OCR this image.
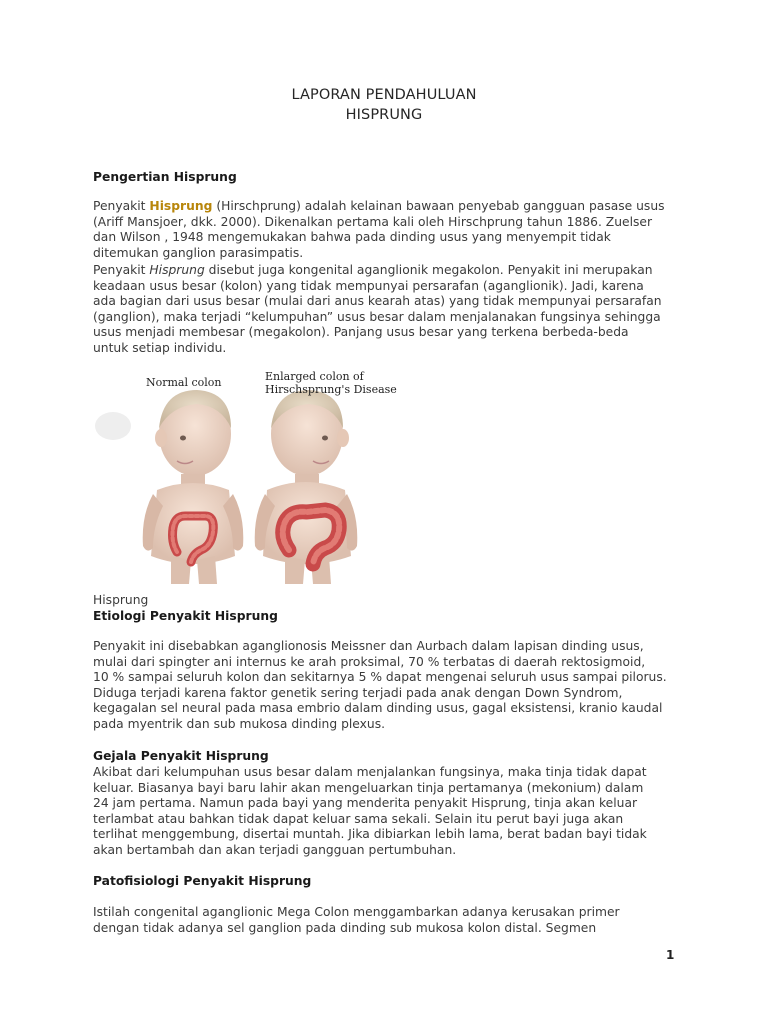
LAPORAN PENDAHULUAN
HISPRUNG
Pengertian Hisprung
Penyakit Hisprung (Hirschprung) adalah kelainan bawaan penyebab gangguan pasase usus
(Ariff Mansjoer, dkk. 2000). Dikenalkan pertama kali oleh Hirschprung tahun 1886. Zuelser
dan Wilson , 1948 mengemukakan bahwa pada dinding usus yang menyempit tidak
ditemukan ganglion parasimpatis.
Penyakit Hisprung disebut juga kongenital aganglionik megakolon. Penyakit ini merupakan
keadaan usus besar (kolon) yang tidak mempunyai persarafan (aganglionik). Jadi, karena
ada bagian dari usus besar (mulai dari anus kearah atas) yang tidak mempunyai persarafan
(ganglion), maka terjadi “kelumpuhan” usus besar dalam menjalanakan fungsinya sehingga
usus menjadi membesar (megakolon). Panjang usus besar yang terkena berbeda-beda
untuk setiap individu.
Normal colon	Enlarged colon of
Hirschsprung's Disease
Hisprung
Etiologi Penyakit Hisprung
Penyakit ini disebabkan aganglionosis Meissner dan Aurbach dalam lapisan dinding usus,
mulai dari spingter ani internus ke arah proksimal, 70 % terbatas di daerah rektosigmoid,
10 % sampai seluruh kolon dan sekitarnya 5 % dapat mengenai seluruh usus sampai pilorus.
Diduga terjadi karena faktor genetik sering terjadi pada anak dengan Down Syndrom,
kegagalan sel neural pada masa embrio dalam dinding usus, gagal eksistensi, kranio kaudal
pada myentrik dan sub mukosa dinding plexus.
Gejala Penyakit Hisprung
Akibat dari kelumpuhan usus besar dalam menjalankan fungsinya, maka tinja tidak dapat
keluar. Biasanya bayi baru lahir akan mengeluarkan tinja pertamanya (mekonium) dalam
24 jam pertama. Namun pada bayi yang menderita penyakit Hisprung, tinja akan keluar
terlambat atau bahkan tidak dapat keluar sama sekali. Selain itu perut bayi juga akan
terlihat menggembung, disertai muntah. Jika dibiarkan lebih lama, berat badan bayi tidak
akan bertambah dan akan terjadi gangguan pertumbuhan.
Patofisiologi Penyakit Hisprung
Istilah congenital aganglionic Mega Colon menggambarkan adanya kerusakan primer
dengan tidak adanya sel ganglion pada dinding sub mukosa kolon distal. Segmen
1
